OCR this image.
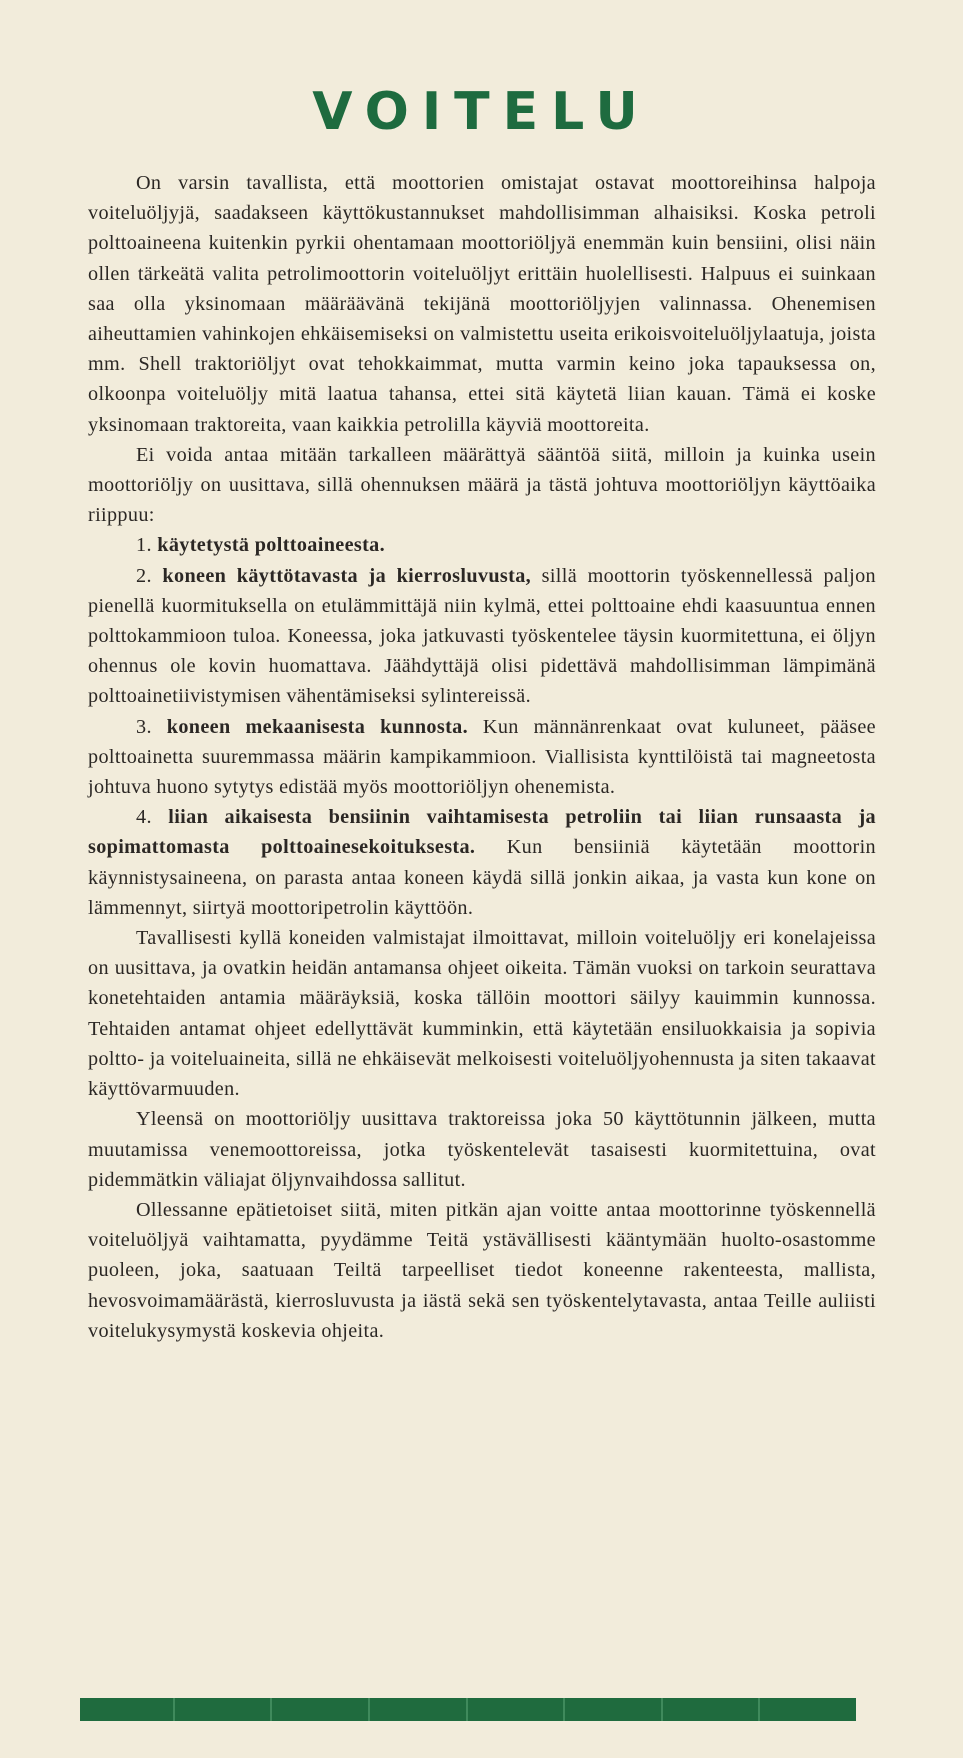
VOITELU

On varsin tavallista, että moottorien omistajat ostavat moottoreihinsa halpoja voiteluöljyjä, saadakseen käyttökustannukset mahdollisimman alhaisiksi. Koska petroli polttoaineena kuitenkin pyrkii ohentamaan moottoriöljyä enemmän kuin bensiini, olisi näin ollen tärkeätä valita petrolimoottorin voiteluöljyt erittäin huolellisesti. Halpuus ei suinkaan saa olla yksinomaan määräävänä tekijänä moottoriöljyjen valinnassa. Ohenemisen aiheuttamien vahinkojen ehkäisemiseksi on valmistettu useita erikoisvoiteluöljylaatuja, joista mm. Shell traktoriöljyt ovat tehokkaimmat, mutta varmin keino joka tapauksessa on, olkoonpa voiteluöljy mitä laatua tahansa, ettei sitä käytetä liian kauan. Tämä ei koske yksinomaan traktoreita, vaan kaikkia petrolilla käyviä moottoreita.

Ei voida antaa mitään tarkalleen määrättyä sääntöä siitä, milloin ja kuinka usein moottoriöljy on uusittava, sillä ohennuksen määrä ja tästä johtuva moottoriöljyn käyttöaika riippuu:

1. käytetystä polttoaineesta.

2. koneen käyttötavasta ja kierrosluvusta, sillä moottorin työskennellessä paljon pienellä kuormituksella on etulämmittäjä niin kylmä, ettei polttoaine ehdi kaasuuntua ennen polttokammioon tuloa. Koneessa, joka jatkuvasti työskentelee täysin kuormitettuna, ei öljyn ohennus ole kovin huomattava. Jäähdyttäjä olisi pidettävä mahdollisimman lämpimänä polttoainetiivistymisen vähentämiseksi sylintereissä.

3. koneen mekaanisesta kunnosta. Kun männänrenkaat ovat kuluneet, pääsee polttoainetta suuremmassa määrin kampikammioon. Viallisista kynttilöistä tai magneetosta johtuva huono sytytys edistää myös moottoriöljyn ohenemista.

4. liian aikaisesta bensiinin vaihtamisesta petroliin tai liian runsaasta ja sopimattomasta polttoainesekoituksesta. Kun bensiiniä käytetään moottorin käynnistysaineena, on parasta antaa koneen käydä sillä jonkin aikaa, ja vasta kun kone on lämmennyt, siirtyä moottoripetrolin käyttöön.

Tavallisesti kyllä koneiden valmistajat ilmoittavat, milloin voiteluöljy eri konelajeissa on uusittava, ja ovatkin heidän antamansa ohjeet oikeita. Tämän vuoksi on tarkoin seurattava konetehtaiden antamia määräyksiä, koska tällöin moottori säilyy kauimmin kunnossa. Tehtaiden antamat ohjeet edellyttävät kumminkin, että käytetään ensiluokkaisia ja sopivia poltto- ja voiteluaineita, sillä ne ehkäisevät melkoisesti voiteluöljyohennusta ja siten takaavat käyttövarmuuden.

Yleensä on moottoriöljy uusittava traktoreissa joka 50 käyttötunnin jälkeen, mutta muutamissa venemoottoreissa, jotka työskentelevät tasaisesti kuormitettuina, ovat pidemmätkin väliajat öljynvaihdossa sallitut.

Ollessanne epätietoiset siitä, miten pitkän ajan voitte antaa moottorinne työskennellä voiteluöljyä vaihtamatta, pyydämme Teitä ystävällisesti kääntymään huolto-osastomme puoleen, joka, saatuaan Teiltä tarpeelliset tiedot koneenne rakenteesta, mallista, hevosvoimamäärästä, kierrosluvusta ja iästä sekä sen työskentelytavasta, antaa Teille auliisti voitelukysymystä koskevia ohjeita.
